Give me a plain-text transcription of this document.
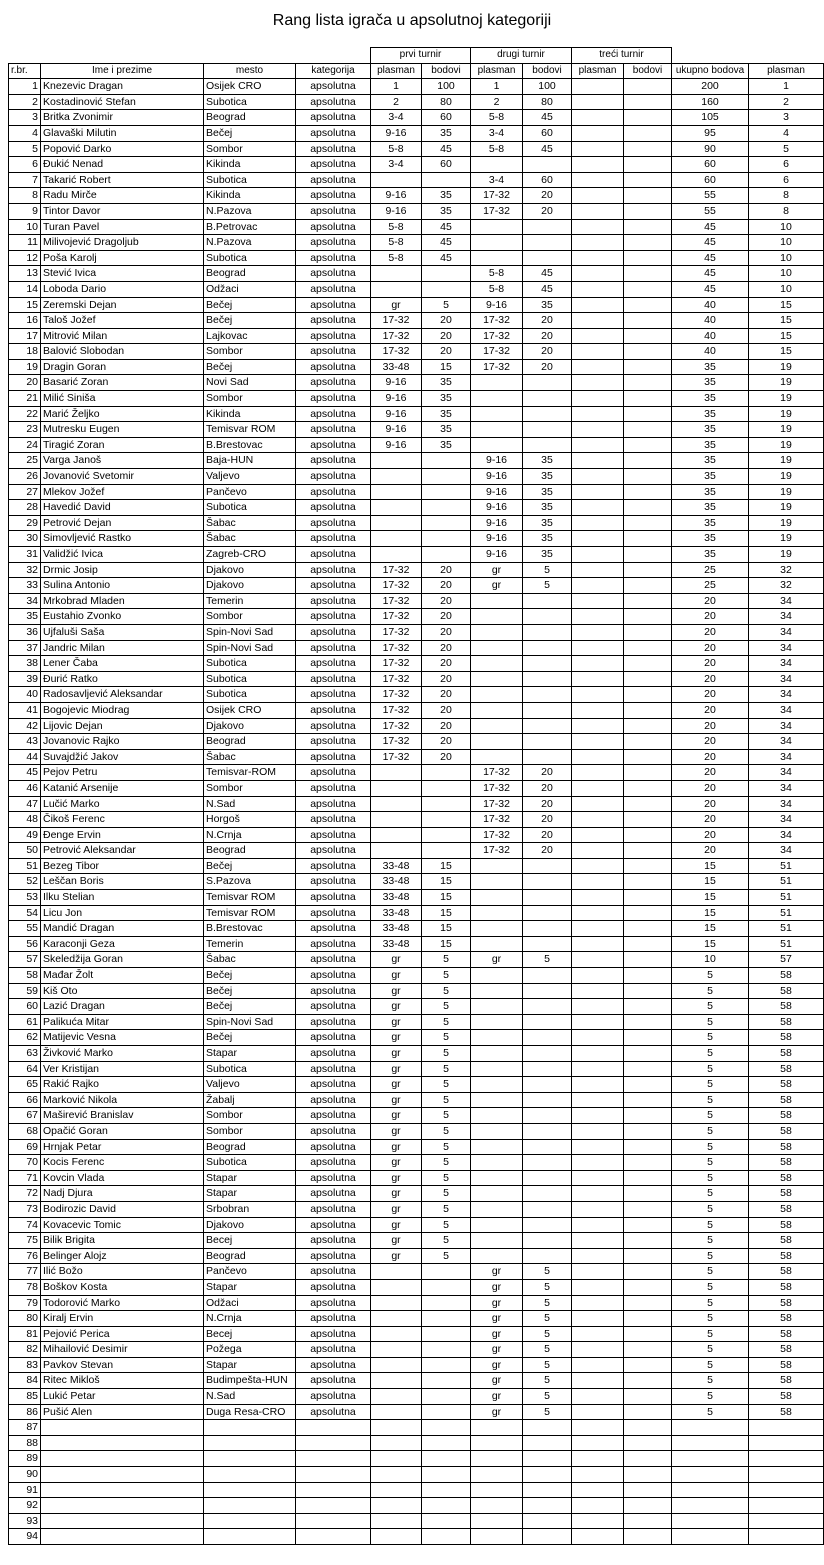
Rang lista igrača u apsolutnoj kategoriji
				prvi turnir		drugi turnir		treći turnir			
r.br.	Ime i prezime	mesto	kategorija	plasman	bodovi	plasman	bodovi	plasman	bodovi	ukupno bodova	plasman
1	Knezevic Dragan	Osijek CRO	apsolutna	1	100	1	100			200	1
2	Kostadinović Stefan	Subotica	apsolutna	2	80	2	80			160	2
3	Britka Zvonimir	Beograd	apsolutna	3-4	60	5-8	45			105	3
4	Glavaški Milutin	Bečej	apsolutna	9-16	35	3-4	60			95	4
5	Popović Darko	Sombor	apsolutna	5-8	45	5-8	45			90	5
6	Đukić Nenad	Kikinda	apsolutna	3-4	60					60	6
7	Takarić Robert	Subotica	apsolutna			3-4	60			60	6
8	Radu Mirče	Kikinda	apsolutna	9-16	35	17-32	20			55	8
9	Tintor Davor	N.Pazova	apsolutna	9-16	35	17-32	20			55	8
10	Turan Pavel	B.Petrovac	apsolutna	5-8	45					45	10
11	Milivojević Dragoljub	N.Pazova	apsolutna	5-8	45					45	10
12	Poša Karolj	Subotica	apsolutna	5-8	45					45	10
13	Stević Ivica	Beograd	apsolutna			5-8	45			45	10
14	Loboda Dario	Odžaci	apsolutna			5-8	45			45	10
15	Zeremski Dejan	Bečej	apsolutna	gr	5	9-16	35			40	15
16	Taloš Jožef	Bečej	apsolutna	17-32	20	17-32	20			40	15
17	Mitrović Milan	Lajkovac	apsolutna	17-32	20	17-32	20			40	15
18	Balović Slobodan	Sombor	apsolutna	17-32	20	17-32	20			40	15
19	Dragin Goran	Bečej	apsolutna	33-48	15	17-32	20			35	19
20	Basarić Zoran	Novi Sad	apsolutna	9-16	35					35	19
21	Milić Siniša	Sombor	apsolutna	9-16	35					35	19
22	Marić Željko	Kikinda	apsolutna	9-16	35					35	19
23	Mutresku Eugen	Temisvar ROM	apsolutna	9-16	35					35	19
24	Tiragić Zoran	B.Brestovac	apsolutna	9-16	35					35	19
25	Varga Janoš	Baja-HUN	apsolutna			9-16	35			35	19
26	Jovanović Svetomir	Valjevo	apsolutna			9-16	35			35	19
27	Mlekov Jožef	Pančevo	apsolutna			9-16	35			35	19
28	Havedić David	Subotica	apsolutna			9-16	35			35	19
29	Petrović Dejan	Šabac	apsolutna			9-16	35			35	19
30	Simovljević Rastko	Šabac	apsolutna			9-16	35			35	19
31	Validžić Ivica	Zagreb-CRO	apsolutna			9-16	35			35	19
32	Drmic Josip	Djakovo	apsolutna	17-32	20	gr	5			25	32
33	Sulina Antonio	Djakovo	apsolutna	17-32	20	gr	5			25	32
34	Mrkobrad Mladen	Temerin	apsolutna	17-32	20					20	34
35	Eustahio Zvonko	Sombor	apsolutna	17-32	20					20	34
36	Ujfaluši Saša	Spin-Novi Sad	apsolutna	17-32	20					20	34
37	Jandric Milan	Spin-Novi Sad	apsolutna	17-32	20					20	34
38	Lener Čaba	Subotica	apsolutna	17-32	20					20	34
39	Đurić Ratko	Subotica	apsolutna	17-32	20					20	34
40	Radosavljević Aleksandar	Subotica	apsolutna	17-32	20					20	34
41	Bogojevic Miodrag	Osijek CRO	apsolutna	17-32	20					20	34
42	Lijovic Dejan	Djakovo	apsolutna	17-32	20					20	34
43	Jovanovic Rajko	Beograd	apsolutna	17-32	20					20	34
44	Suvajdžić Jakov	Šabac	apsolutna	17-32	20					20	34
45	Pejov Petru	Temisvar-ROM	apsolutna			17-32	20			20	34
46	Katanić Arsenije	Sombor	apsolutna			17-32	20			20	34
47	Lučić Marko	N.Sad	apsolutna			17-32	20			20	34
48	Čikoš Ferenc	Horgoš	apsolutna			17-32	20			20	34
49	Đenge Ervin	N.Crnja	apsolutna			17-32	20			20	34
50	Petrović Aleksandar	Beograd	apsolutna			17-32	20			20	34
51	Bezeg Tibor	Bečej	apsolutna	33-48	15					15	51
52	Leščan Boris	S.Pazova	apsolutna	33-48	15					15	51
53	Ilku Stelian	Temisvar ROM	apsolutna	33-48	15					15	51
54	Licu Jon	Temisvar ROM	apsolutna	33-48	15					15	51
55	Mandić Dragan	B.Brestovac	apsolutna	33-48	15					15	51
56	Karaconji Geza	Temerin	apsolutna	33-48	15					15	51
57	Skeledžija Goran	Šabac	apsolutna	gr	5	gr	5			10	57
58	Mađar Žolt	Bečej	apsolutna	gr	5					5	58
59	Kiš Oto	Bečej	apsolutna	gr	5					5	58
60	Lazić Dragan	Bečej	apsolutna	gr	5					5	58
61	Palikuća Mitar	Spin-Novi Sad	apsolutna	gr	5					5	58
62	Matijevic Vesna	Bečej	apsolutna	gr	5					5	58
63	Živković Marko	Stapar	apsolutna	gr	5					5	58
64	Ver Kristijan	Subotica	apsolutna	gr	5					5	58
65	Rakić Rajko	Valjevo	apsolutna	gr	5					5	58
66	Marković Nikola	Žabalj	apsolutna	gr	5					5	58
67	Maširević Branislav	Sombor	apsolutna	gr	5					5	58
68	Opačić Goran	Sombor	apsolutna	gr	5					5	58
69	Hrnjak Petar	Beograd	apsolutna	gr	5					5	58
70	Kocis Ferenc	Subotica	apsolutna	gr	5					5	58
71	Kovcin Vlada	Stapar	apsolutna	gr	5					5	58
72	Nadj Djura	Stapar	apsolutna	gr	5					5	58
73	Bodirozic David	Srbobran	apsolutna	gr	5					5	58
74	Kovacevic Tomic	Djakovo	apsolutna	gr	5					5	58
75	Bilik Brigita	Becej	apsolutna	gr	5					5	58
76	Belinger Alojz	Beograd	apsolutna	gr	5					5	58
77	Ilić Božo	Pančevo	apsolutna			gr	5			5	58
78	Boškov Kosta	Stapar	apsolutna			gr	5			5	58
79	Todorović Marko	Odžaci	apsolutna			gr	5			5	58
80	Kiralj Ervin	N.Crnja	apsolutna			gr	5			5	58
81	Pejović Perica	Becej	apsolutna			gr	5			5	58
82	Mihailović Desimir	Požega	apsolutna			gr	5			5	58
83	Pavkov Stevan	Stapar	apsolutna			gr	5			5	58
84	Ritec Mikloš	Budimpešta-HUN	apsolutna			gr	5			5	58
85	Lukić Petar	N.Sad	apsolutna			gr	5			5	58
86	Pušić Alen	Duga Resa-CRO	apsolutna			gr	5			5	58
87											
88											
89											
90											
91											
92											
93											
94											
